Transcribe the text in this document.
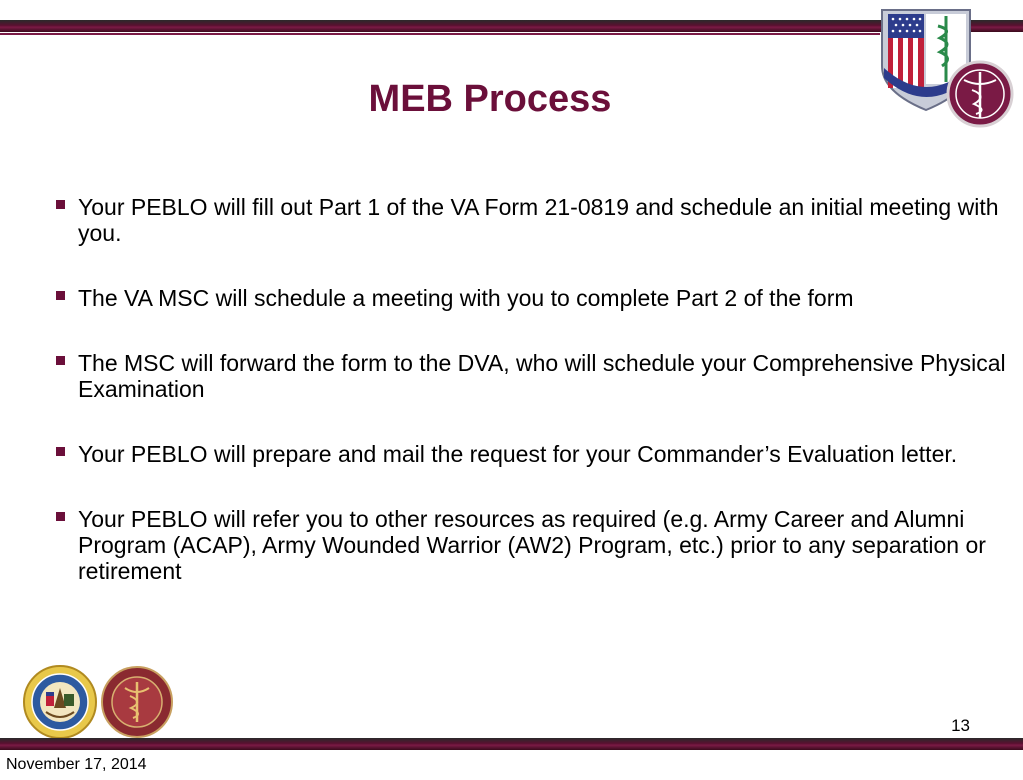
MEB Process
Your PEBLO will fill out Part 1 of the VA Form 21-0819 and schedule an initial meeting with you.
The VA MSC will schedule a meeting with you to complete Part 2 of the form
The MSC will forward the form to the DVA, who will schedule your Comprehensive Physical Examination
Your PEBLO will prepare and mail the request for your Commander’s Evaluation letter.
Your PEBLO will refer you to other resources as required (e.g. Army Career and Alumni Program (ACAP), Army Wounded Warrior (AW2) Program, etc.) prior to any separation or retirement
13
November 17, 2014
